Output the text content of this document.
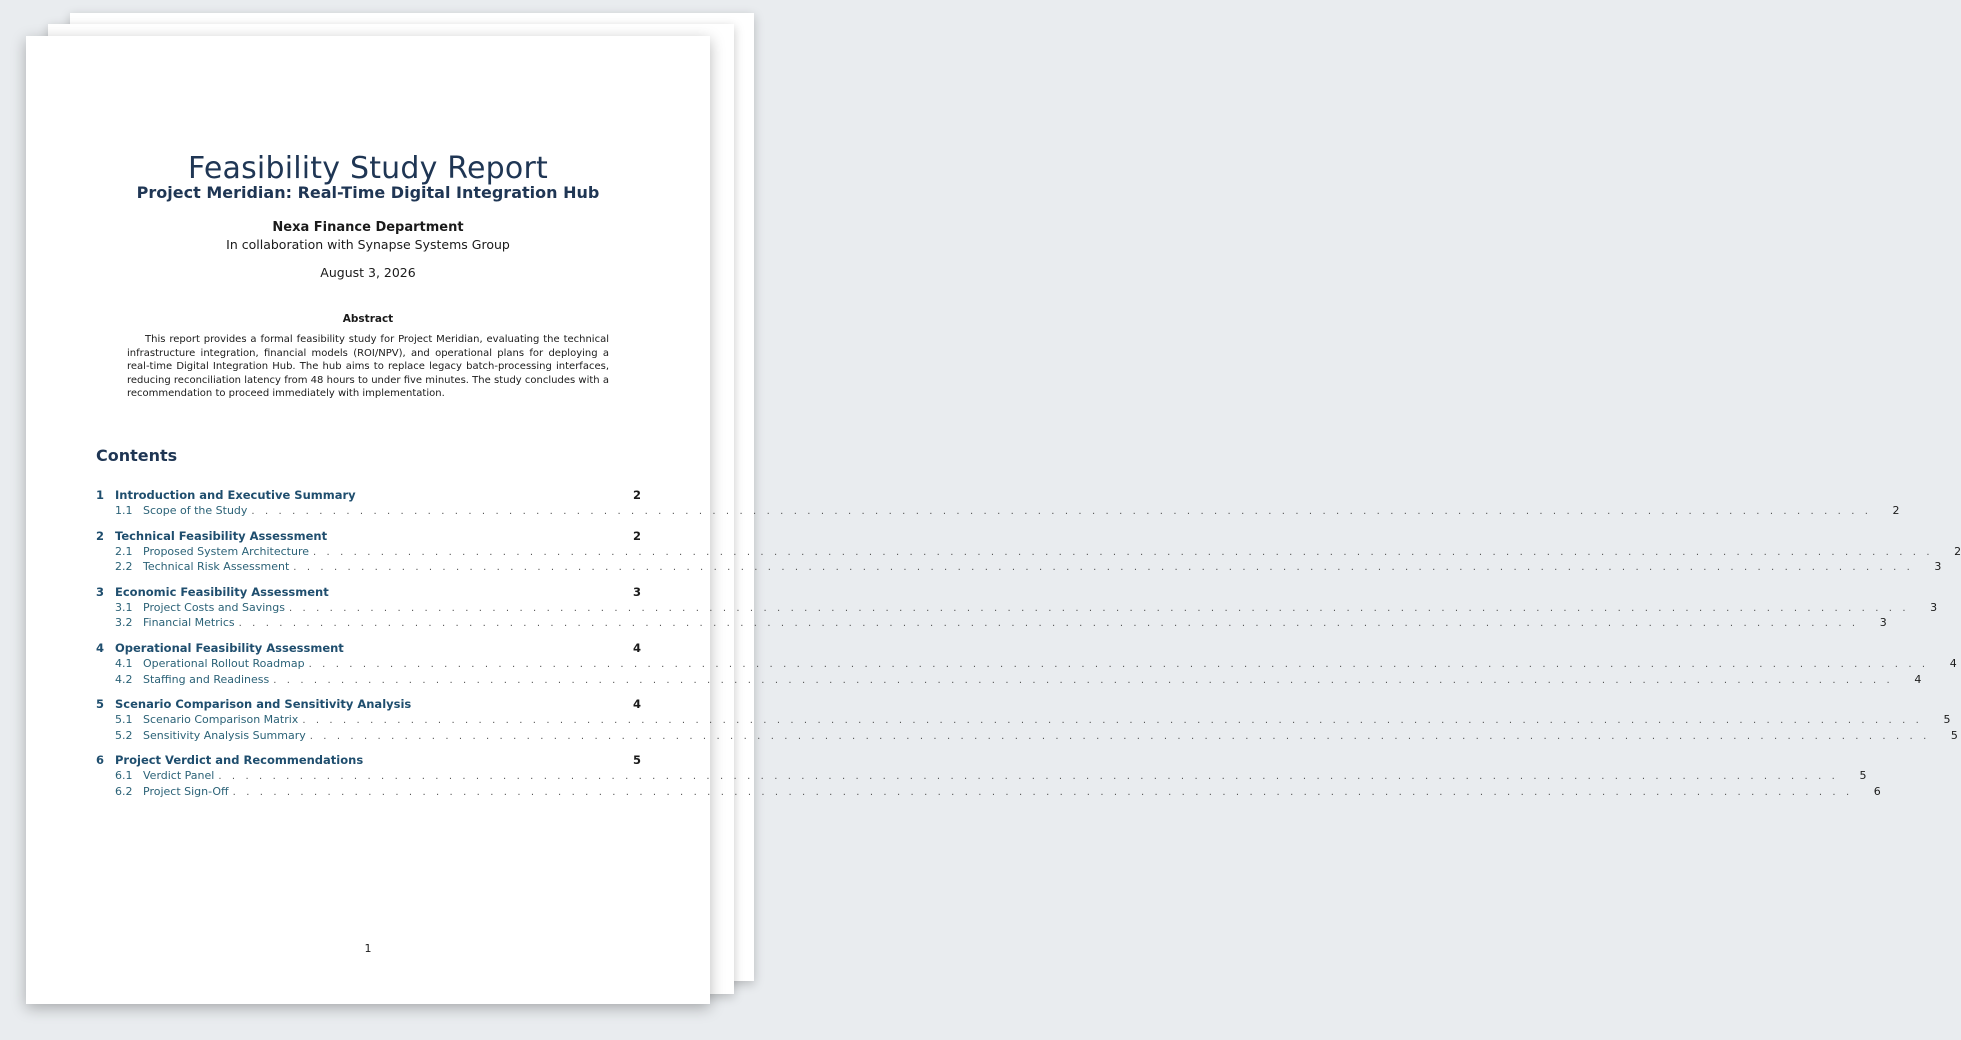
Feasibility Study Report
Project Meridian: Real-Time Digital Integration Hub
Nexa Finance Department
In collaboration with Synapse Systems Group
August 3, 2026
Abstract
This report provides a formal feasibility study for Project Meridian, evaluating the technical infrastructure integration, financial models (ROI/NPV), and operational plans for deploying a real-time Digital Integration Hub. The hub aims to replace legacy batch-processing interfaces, reducing reconciliation latency from 48 hours to under five minutes. The study concludes with a recommendation to proceed immediately with implementation.
Contents
1 Introduction and Executive Summary	2
1.1 Scope of the Study . . . . . . . . . . . . . . . . . . . . . . . . . . . . . . . . . . . . . . . . . . . . . . . . . . . . . . . . . . . . . . . . . . . . . . . . . . . . . . . . . . . . . . . . . . . . . . . . . . . . . . . . . . . . . . . . . . . . . . . .	2
2 Technical Feasibility Assessment	2
2.1 Proposed System Architecture . . . . . . . . . . . . . . . . . . . . . . . . . . . . . . . . . . . . . . . . . . . . . . . . . . . . . . . . . . . . . . . . . . . . . . . . . . . . . . . . . . . . . . . . . . . . . . . . . . . . . . . . . . . . . . . . . . . . . . . .	2
2.2 Technical Risk Assessment . . . . . . . . . . . . . . . . . . . . . . . . . . . . . . . . . . . . . . . . . . . . . . . . . . . . . . . . . . . . . . . . . . . . . . . . . . . . . . . . . . . . . . . . . . . . . . . . . . . . . . . . . . . . . . . . . . . . . . . .	3
3 Economic Feasibility Assessment	3
3.1 Project Costs and Savings . . . . . . . . . . . . . . . . . . . . . . . . . . . . . . . . . . . . . . . . . . . . . . . . . . . . . . . . . . . . . . . . . . . . . . . . . . . . . . . . . . . . . . . . . . . . . . . . . . . . . . . . . . . . . . . . . . . . . . . .	3
3.2 Financial Metrics . . . . . . . . . . . . . . . . . . . . . . . . . . . . . . . . . . . . . . . . . . . . . . . . . . . . . . . . . . . . . . . . . . . . . . . . . . . . . . . . . . . . . . . . . . . . . . . . . . . . . . . . . . . . . . . . . . . . . . . .	3
4 Operational Feasibility Assessment	4
4.1 Operational Rollout Roadmap . . . . . . . . . . . . . . . . . . . . . . . . . . . . . . . . . . . . . . . . . . . . . . . . . . . . . . . . . . . . . . . . . . . . . . . . . . . . . . . . . . . . . . . . . . . . . . . . . . . . . . . . . . . . . . . . . . . . . . . .	4
4.2 Staffing and Readiness . . . . . . . . . . . . . . . . . . . . . . . . . . . . . . . . . . . . . . . . . . . . . . . . . . . . . . . . . . . . . . . . . . . . . . . . . . . . . . . . . . . . . . . . . . . . . . . . . . . . . . . . . . . . . . . . . . . . . . . .	4
5 Scenario Comparison and Sensitivity Analysis	4
5.1 Scenario Comparison Matrix . . . . . . . . . . . . . . . . . . . . . . . . . . . . . . . . . . . . . . . . . . . . . . . . . . . . . . . . . . . . . . . . . . . . . . . . . . . . . . . . . . . . . . . . . . . . . . . . . . . . . . . . . . . . . . . . . . . . . . . .	5
5.2 Sensitivity Analysis Summary . . . . . . . . . . . . . . . . . . . . . . . . . . . . . . . . . . . . . . . . . . . . . . . . . . . . . . . . . . . . . . . . . . . . . . . . . . . . . . . . . . . . . . . . . . . . . . . . . . . . . . . . . . . . . . . . . . . . . . . .	5
6 Project Verdict and Recommendations	5
6.1 Verdict Panel . . . . . . . . . . . . . . . . . . . . . . . . . . . . . . . . . . . . . . . . . . . . . . . . . . . . . . . . . . . . . . . . . . . . . . . . . . . . . . . . . . . . . . . . . . . . . . . . . . . . . . . . . . . . . . . . . . . . . . . .	5
6.2 Project Sign-Off . . . . . . . . . . . . . . . . . . . . . . . . . . . . . . . . . . . . . . . . . . . . . . . . . . . . . . . . . . . . . . . . . . . . . . . . . . . . . . . . . . . . . . . . . . . . . . . . . . . . . . . . . . . . . . . . . . . . . . . .	6
1
